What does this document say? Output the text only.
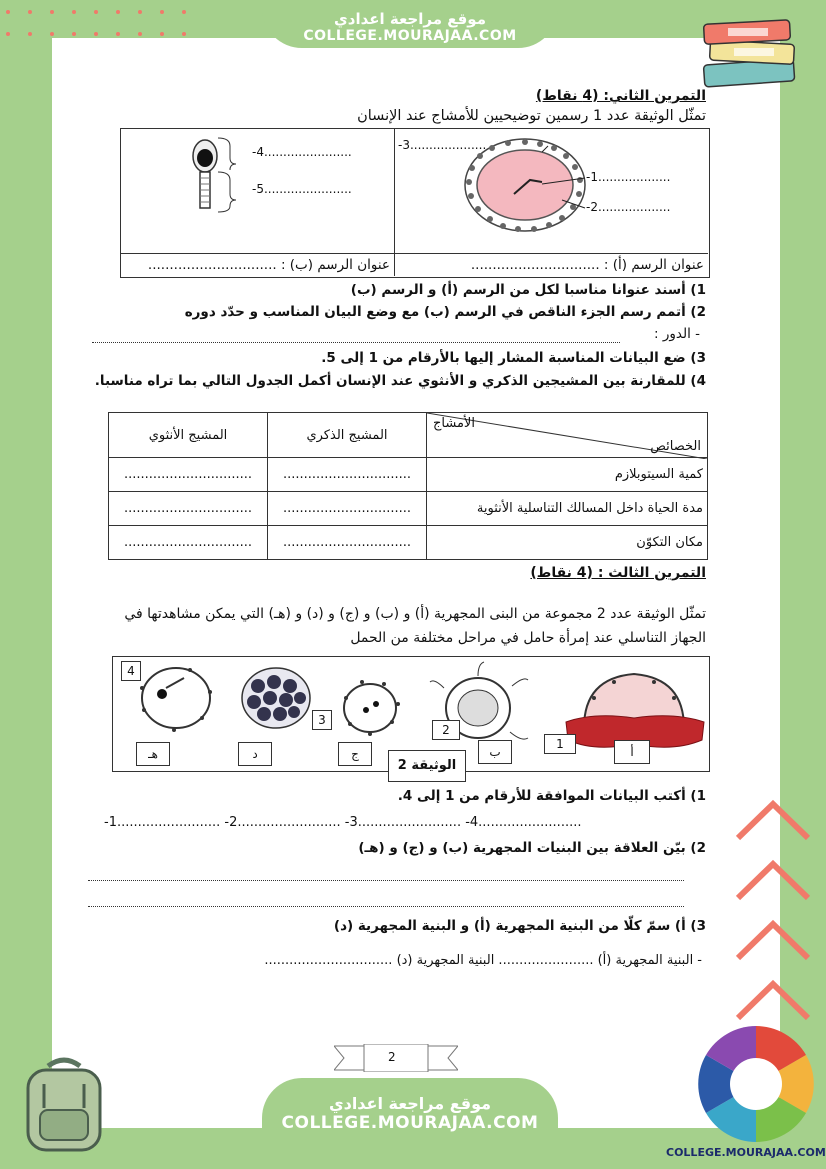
موقع مراجعة اعدادي
COLLEGE.MOURAJAA.COM
التمرين الثاني: (4 نقاط)
تمثّل الوثيقة عدد 1 رسمين توضيحيين للأمشاج عند الإنسان
-3....................
-1...................
-2...................
-4.......................
-5.......................
عنوان الرسم (أ) : ..............................
عنوان الرسم (ب) : ..............................
1) أسند عنوانا مناسبا لكل من الرسم (أ) و الرسم (ب)
2) أتمم رسم الجزء الناقص في الرسم (ب) مع وضع البيان المناسب و حدّد دوره
- الدور :
3) ضع البيانات المناسبة المشار إليها بالأرقام من 1 إلى 5.
4) للمقارنة بين المشيجين الذكري و الأنثوي عند الإنسان أكمل الجدول التالي بما تراه مناسبا.
المشيج الأنثوي	المشيج الذكري	الأمشاج
الخصائص

...............................	...............................	كمية السيتوبلازم
...............................	...............................	مدة الحياة داخل المسالك التناسلية الأنثوية
...............................	...............................	مكان التكوّن
التمرين الثالث : (4 نقاط)
تمثّل الوثيقة عدد 2 مجموعة من البنى المجهرية (أ) و (ب) و (ج) و (د) و (هـ) التي يمكن مشاهدتها في
الجهاز التناسلي عند إمرأة حامل في مراحل مختلفة من الحمل
4
3
2
1
أ
ب
ج
د
هـ
الوثيقة 2
1) أكتب البيانات الموافقة للأرقام من 1 إلى 4.
-1......................... -2......................... -3......................... -4.........................
2) بيّن العلاقة بين البنيات المجهرية (ب) و (ج) و (هـ)
3) أ) سمّ كلّا من البنية المجهرية (أ) و البنية المجهرية (د)
- البنية المجهرية (أ) ....................... البنية المجهرية (د) ...............................
2
موقع مراجعة اعدادي
COLLEGE.MOURAJAA.COM
COLLEGE.MOURAJAA.COM
